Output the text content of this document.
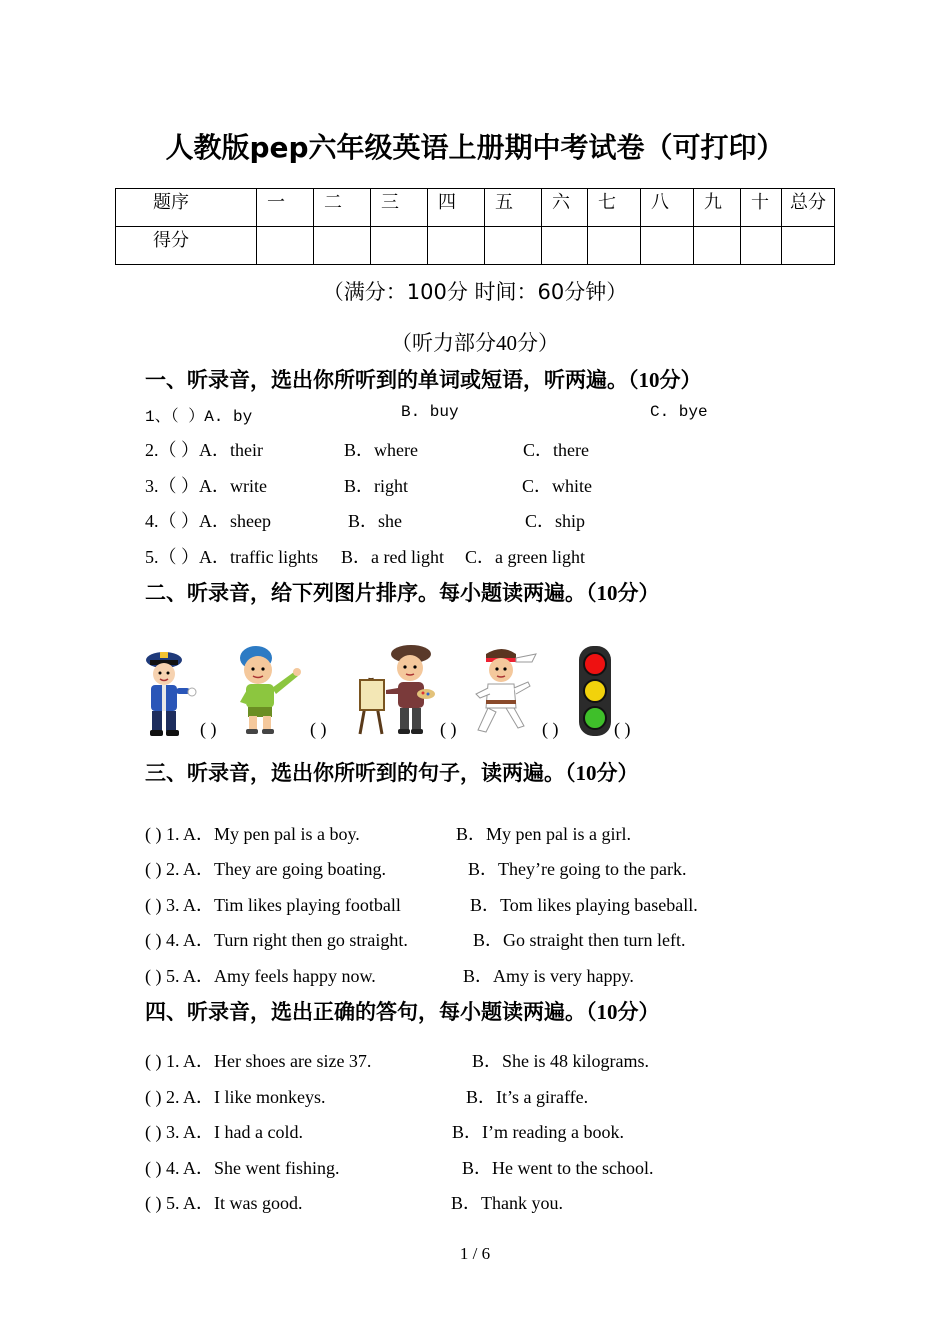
人教版pep六年级英语上册期中考试卷（可打印）
题序	一	二	三	四	五	六	七	八	九	十	总分
得分											
（满分：100分 时间：60分钟）
（听力部分40分）
一、听录音，选出你所听到的单词或短语，听两遍。（10分）
1、（ ）A. by	B. buy	C. bye
2.（ ）A．their	B．where	C．there
3.（ ）A．write	B．right	C．white
4.（ ）A．sheep	B．she	C．ship
5.（ ）A．traffic lights B．a red light C．a green light
二、听录音，给下列图片排序。每小题读两遍。（10分）
( )	( )	( )	( )	( )
三、听录音，选出你所听到的句子，读两遍。（10分）
( ) 1. A．My pen pal is a boy.	B．My pen pal is a girl.
( ) 2. A．They are going boating.	B．They’re going to the park.
( ) 3. A．Tim likes playing football	B．Tom likes playing baseball.
( ) 4. A．Turn right then go straight.	B．Go straight then turn left.
( ) 5. A．Amy feels happy now.	B．Amy is very happy.
四、听录音，选出正确的答句，每小题读两遍。（10分）
( ) 1. A．Her shoes are size 37.	B．She is 48 kilograms.
( ) 2. A．I like monkeys.	B．It’s a giraffe.
( ) 3. A．I had a cold.	B．I’m reading a book.
( ) 4. A．She went fishing.	B．He went to the school.
( ) 5. A．It was good.	B．Thank you.
1 / 6
